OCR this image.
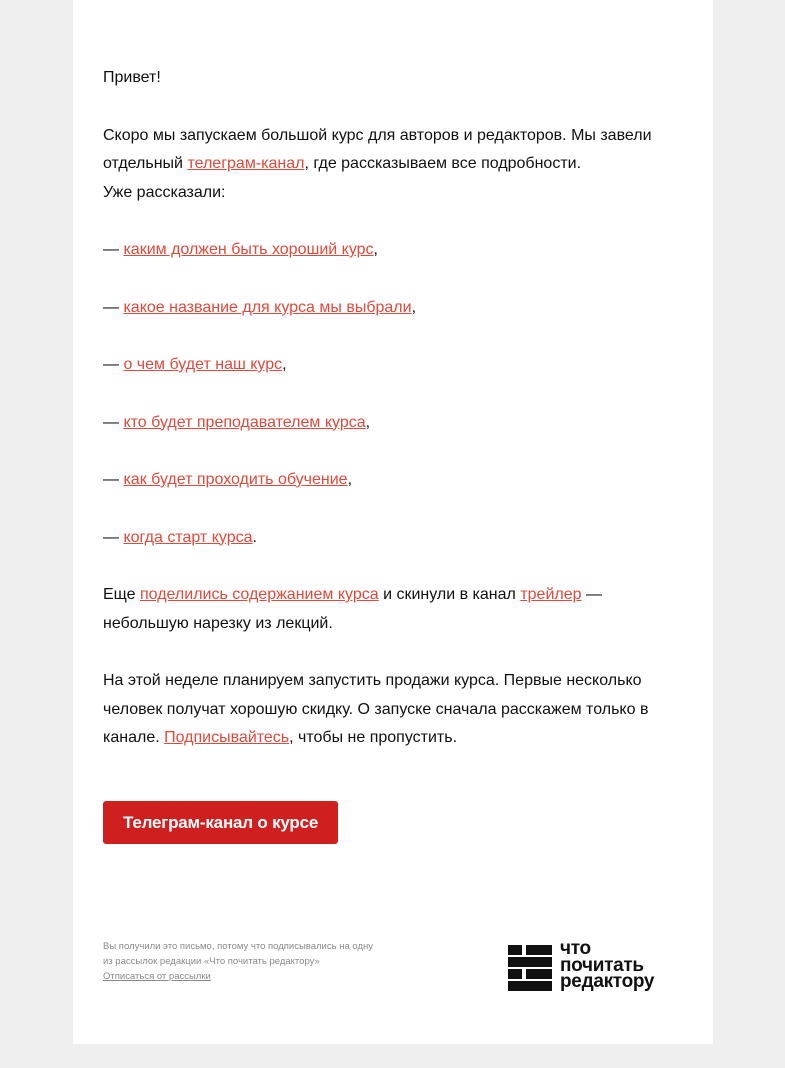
Привет!

Скоро мы запускаем большой курс для авторов и редакторов. Мы завели отдельный телеграм-канал, где рассказываем все подробности.

Уже рассказали:

— каким должен быть хороший курс,

— какое название для курса мы выбрали,

— о чем будет наш курс,

— кто будет преподавателем курса,

— как будет проходить обучение,

— когда старт курса.

Еще поделились содержанием курса и скинули в канал трейлер — небольшую нарезку из лекций.

На этой неделе планируем запустить продажи курса. Первые несколько человек получат хорошую скидку. О запуске сначала расскажем только в канале. Подписывайтесь, чтобы не пропустить.

Телеграм-канал о курсе
Вы получили это письмо, потому что подписывались на одну из рассылок редакции «Что почитать редактору»
Отписаться от рассылки
что
почитать
редактору
